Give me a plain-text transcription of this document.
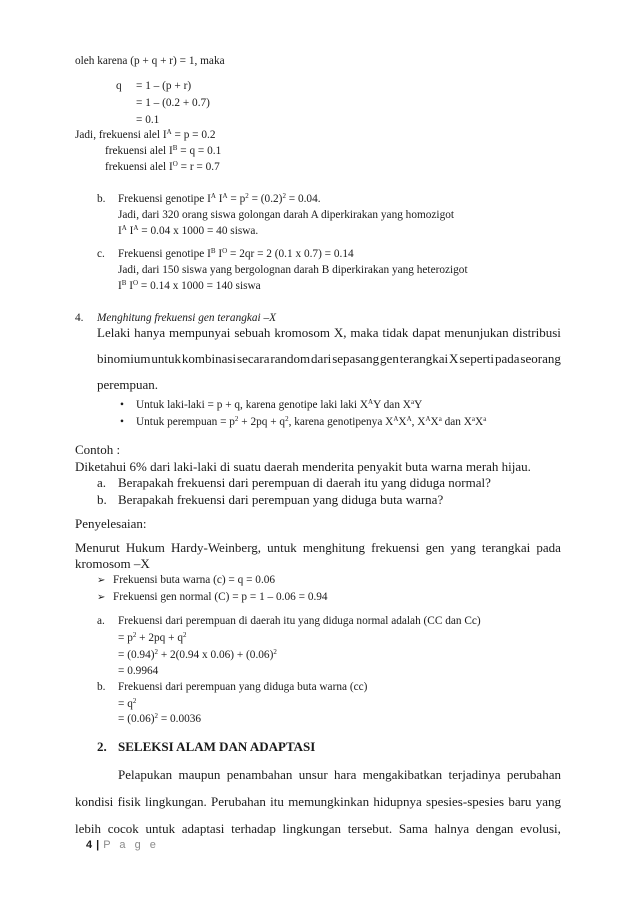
oleh karena (p + q + r) = 1, maka
q = 1 – (p + r)
= 1 – (0.2 + 0.7)
= 0.1
Jadi, frekuensi alel $I^A = p = 0.2$
frekuensi alel $I^B = q = 0.1$
frekuensi alel $I^O = r = 0.7$
b. Frekuensi genotipe $I^A$ $I^A = p^2 = (0.2)^2 = 0.04$.
Jadi, dari 320 orang siswa golongan darah A diperkirakan yang homozigot
$I^A$ $I^A = 0.04$ x 1000 = 40 siswa.
c. Frekuensi genotipe $I^B$ $I^O = 2qr = 2$ (0.1 x 0.7) = 0.14
Jadi, dari 150 siswa yang bergolognan darah B diperkirakan yang heterozigot
$I^B$ $I^O = 0.14$ x 1000 = 140 siswa
4. Menghitung frekuensi gen terangkai –X
Lelaki hanya mempunyai sebuah kromosom X, maka tidak dapat menunjukan distribusi
binomium untuk kombinasi secara random dari sepasang gen terangkai X seperti pada seorang
perempuan.
• Untuk laki-laki = p + q, karena genotipe laki laki $X^AY$ dan $X^aY$
• Untuk perempuan = $p^2 + 2pq + q^2$, karena genotipenya $X^AX^A$, $X^AX^a$ dan $X^aX^a$
Contoh :
Diketahui 6% dari laki-laki di suatu daerah menderita penyakit buta warna merah hijau.
a. Berapakah frekuensi dari perempuan di daerah itu yang diduga normal?
b. Berapakah frekuensi dari perempuan yang diduga buta warna?
Penyelesaian:
Menurut Hukum Hardy-Weinberg, untuk menghitung frekuensi gen yang terangkai pada
kromosom –X
➢ Frekuensi buta warna (c) = q = 0.06
➢ Frekuensi gen normal (C) = p = 1 – 0.06 = 0.94
a. Frekuensi dari perempuan di daerah itu yang diduga normal adalah (CC dan Cc)
= $p^2 + 2pq + q^2$
= $(0.94)^2 + 2(0.94$ x $0.06) + (0.06)^2$
= 0.9964
b. Frekuensi dari perempuan yang diduga buta warna (cc)
= $q^2$
= $(0.06)^2 = 0.0036$
2. SELEKSI ALAM DAN ADAPTASI
Pelapukan maupun penambahan unsur hara mengakibatkan terjadinya perubahan
kondisi fisik lingkungan. Perubahan itu memungkinkan hidupnya spesies-spesies baru yang
lebih cocok untuk adaptasi terhadap lingkungan tersebut. Sama halnya dengan evolusi,
4 | P a g e
